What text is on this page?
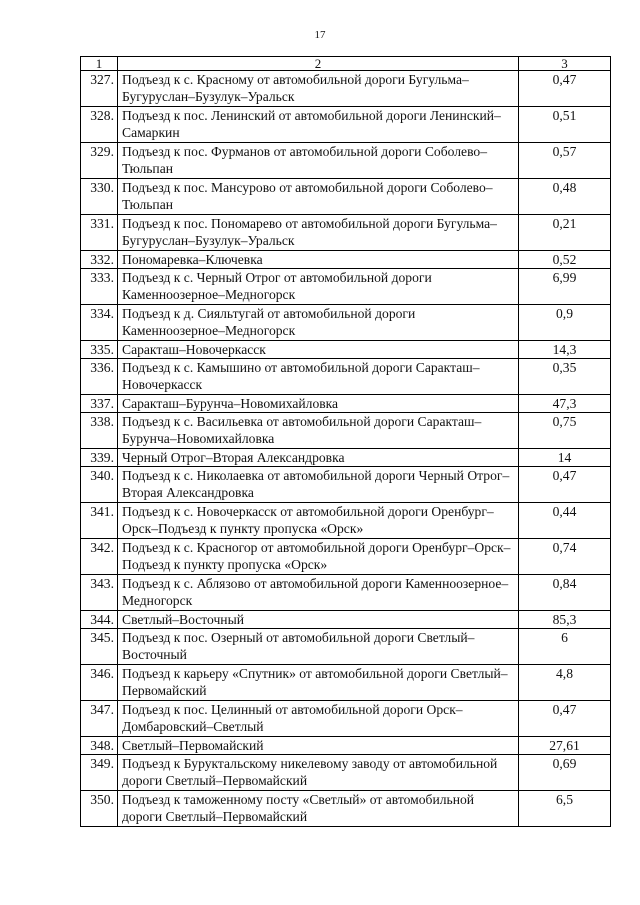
17
1	2	3
327.	Подъезд к с. Красному от автомобильной дороги Бугульма–Бугуруслан–Бузулук–Уральск	0,47
328.	Подъезд к пос. Ленинский от автомобильной дороги Ленинский–Самаркин	0,51
329.	Подъезд к пос. Фурманов от автомобильной дороги Соболево–Тюльпан	0,57
330.	Подъезд к пос. Мансурово от автомобильной дороги Соболево–Тюльпан	0,48
331.	Подъезд к пос. Пономарево от автомобильной дороги Бугульма–Бугуруслан–Бузулук–Уральск	0,21
332.	Пономаревка–Ключевка	0,52
333.	Подъезд к с. Черный Отрог от автомобильной дороги Каменноозерное–Медногорск	6,99
334.	Подъезд к д. Сияльтугай от автомобильной дороги Каменноозерное–Медногорск	0,9
335.	Саракташ–Новочеркасск	14,3
336.	Подъезд к с. Камышино от автомобильной дороги Саракташ–Новочеркасск	0,35
337.	Саракташ–Бурунча–Новомихайловка	47,3
338.	Подъезд к с. Васильевка от автомобильной дороги Саракташ–Бурунча–Новомихайловка	0,75
339.	Черный Отрог–Вторая Александровка	14
340.	Подъезд к с. Николаевка от автомобильной дороги Черный Отрог–Вторая Александровка	0,47
341.	Подъезд к с. Новочеркасск от автомобильной дороги Оренбург–Орск–Подъезд к пункту пропуска «Орск»	0,44
342.	Подъезд к с. Красногор от автомобильной дороги Оренбург–Орск–Подъезд к пункту пропуска «Орск»	0,74
343.	Подъезд к с. Аблязово от автомобильной дороги Каменноозерное–Медногорск	0,84
344.	Светлый–Восточный	85,3
345.	Подъезд к пос. Озерный от автомобильной дороги Светлый–Восточный	6
346.	Подъезд к карьеру «Спутник» от автомобильной дороги Светлый–Первомайский	4,8
347.	Подъезд к пос. Целинный от автомобильной дороги Орск–Домбаровский–Светлый	0,47
348.	Светлый–Первомайский	27,61
349.	Подъезд к Буруктальскому никелевому заводу от автомобильной дороги Светлый–Первомайский	0,69
350.	Подъезд к таможенному посту «Светлый» от автомобильной дороги Светлый–Первомайский	6,5
